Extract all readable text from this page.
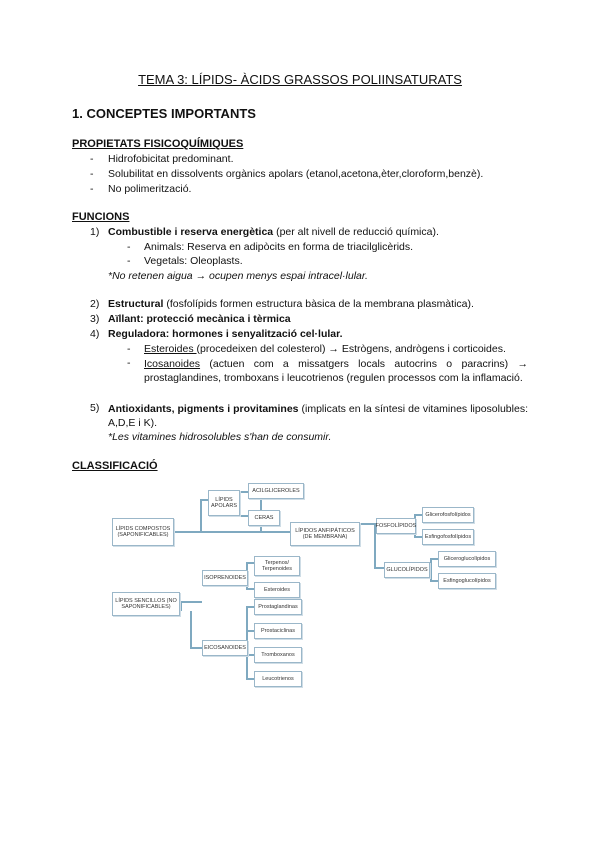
TEMA 3: LÍPIDS- ÀCIDS GRASSOS POLIINSATURATS
1. CONCEPTES IMPORTANTS
PROPIETATS FISICOQUÍMIQUES
- Hidrofobicitat predominant.
- Solubilitat en dissolvents orgànics apolars (etanol,acetona,èter,cloroform,benzè).
- No polimerització.
FUNCIONS
1) Combustible i reserva energètica (per alt nivell de reducció química).
- Animals: Reserva en adipòcits en forma de triacilglicèrids.
- Vegetals: Oleoplasts.
*No retenen aigua → ocupen menys espai intracel·lular.
2) Estructural (fosfolípids formen estructura bàsica de la membrana plasmàtica).
3) Aïllant: protecció mecànica i tèrmica
4) Reguladora: hormones i senyalització cel·lular.
- Esteroides (procedeixen del colesterol) → Estrògens, andrògens i corticoides.
- Icosanoides (actuen com a missatgers locals autocrins o paracrins) → prostaglandines, tromboxans i leucotrienos (regulen processos com la inflamació.
5) Antioxidants, pigments i provitamines (implicats en la síntesi de vitamines liposolubles: A,D,E i K).
*Les vitamines hidrosolubles s'han de consumir.
CLASSIFICACIÓ
LÍPIDS COMPOSTOS (SAPONIFICABLES)
LÍPIDS APOLARS
ACILGLICEROLES
CERAS
LÍPIDOS ANFIPÁTICOS (DE MEMBRANA)
FOSFOLÍPIDOS
Glicerofosfolípidos
Esfingofosfolípidos
GLUCOLÍPIDOS
Gliceroglucolípidos
Esfingoglucolípidos
LÍPIDS SENCILLOS (NO SAPONIFICABLES)
ISOPRENOIDES
Terpenos/ Terpenoides
Esteroides
EICOSANOIDES
Prostaglandinas
Prostaciclinas
Tromboxanos
Leucotrienos
